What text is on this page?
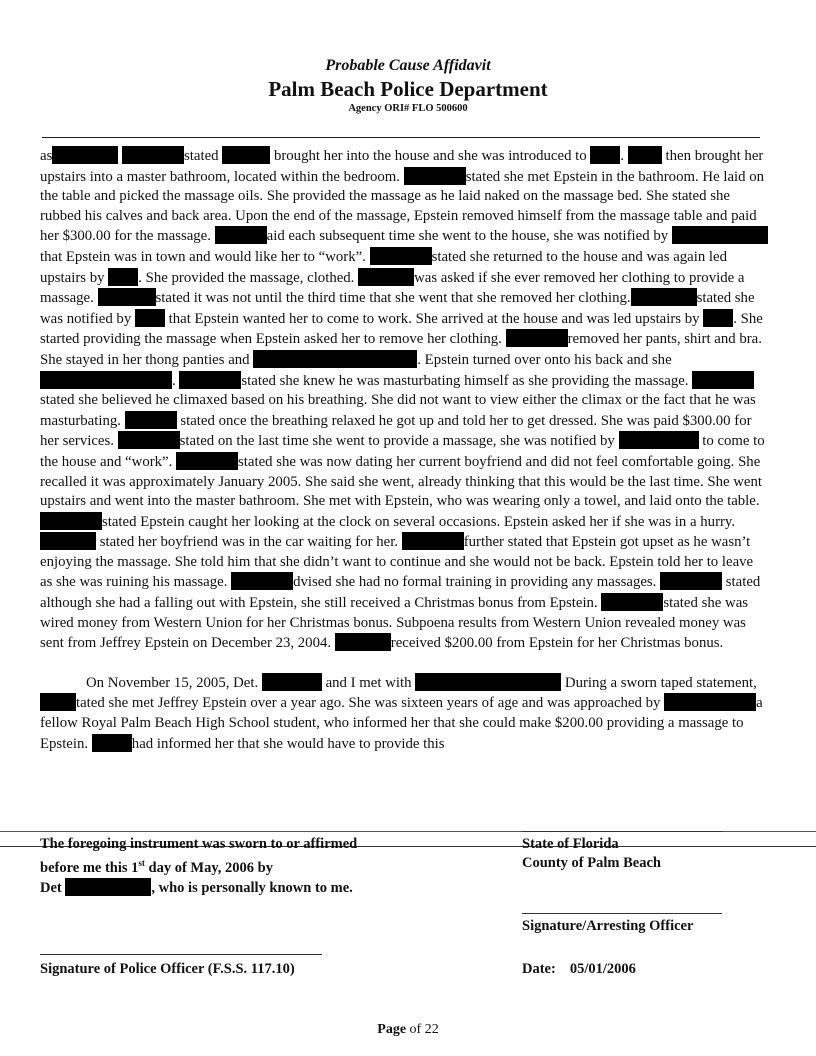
Probable Cause Affidavit
Palm Beach Police Department
Agency ORI# FLO 500600

as	stated	brought her into the house and she was introduced to .	then brought her upstairs into a master bathroom, located within the bedroom.	stated she met Epstein in the bathroom. He laid on the table and picked the massage oils. She provided the massage as he laid naked on the massage bed. She stated she rubbed his calves and back area. Upon the end of the massage, Epstein removed himself from the massage table and paid her $300.00 for the massage.	aid each subsequent time she went to the house, she was notified by  that Epstein was in town and would like her to “work”.	stated she returned to the house and was again led upstairs by . She provided the massage, clothed.	was asked if she ever removed her clothing to provide a massage.	stated it was not until the third time that she went that she removed her clothing.	stated she was notified by	that Epstein wanted her to come to work. She arrived at the house and was led upstairs by . She started providing the massage when Epstein asked her to remove her clothing.	removed her pants, shirt and bra. She stayed in her thong panties and	. Epstein turned over onto his back and she .	stated she knew he was masturbating himself as she providing the massage. stated she believed he climaxed based on his breathing. She did not want to view either the climax or the fact that he was masturbating.	stated once the breathing relaxed he got up and told her to get dressed. She was paid $300.00 for her services.	stated on the last time she went to provide a massage, she was notified by	to come to the house and “work”.	stated she was now dating her current boyfriend and did not feel comfortable going. She recalled it was approximately January 2005. She said she went, already thinking that this would be the last time. She went upstairs and went into the master bathroom. She met with Epstein, who was wearing only a towel, and laid onto the table. stated Epstein caught her looking at the clock on several occasions. Epstein asked her if she was in a hurry.  stated her boyfriend was in the car waiting for her.	further stated that Epstein got upset as he wasn’t enjoying the massage. She told him that she didn’t want to continue and she would not be back. Epstein told her to leave as she was ruining his massage.	dvised she had no formal training in providing any massages.	stated although she had a falling out with Epstein, she still received a Christmas bonus from Epstein.	stated she was wired money from Western Union for her Christmas bonus. Subpoena results from Western Union revealed money was sent from Jeffrey Epstein on December 23, 2004.	received $200.00 from Epstein for her Christmas bonus.

On November 15, 2005, Det.	and I met with	During a sworn taped statement,tated she met Jeffrey Epstein over a year ago. She was sixteen years of age and was approached by	a fellow Royal Palm Beach High School student, who informed her that she could make $200.00 providing a massage to Epstein.	had informed her that she would have to provide this

The foregoing instrument was sworn to or affirmed
before me this 1st day of May, 2006 by
Det	, who is personally known to me.
State of Florida
County of Palm Beach
Signature/Arresting Officer
Signature of Police Officer (F.S.S. 117.10)	Date: 05/01/2006
Page of 22
